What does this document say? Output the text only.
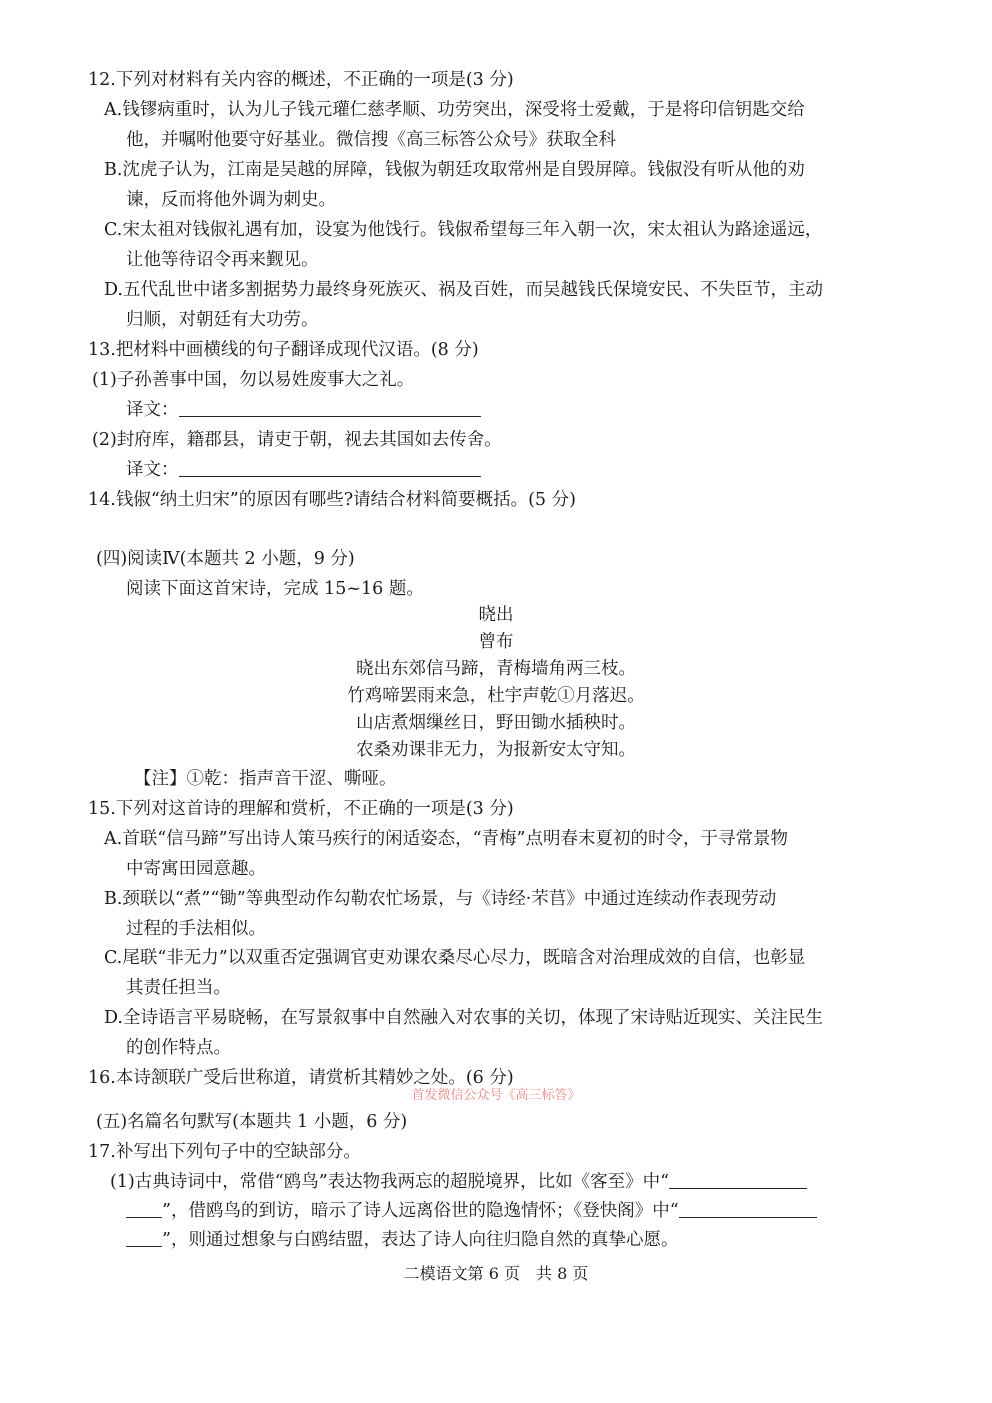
12.下列对材料有关内容的概述，不正确的一项是(3 分)
A.钱镠病重时，认为儿子钱元瓘仁慈孝顺、功劳突出，深受将士爱戴，于是将印信钥匙交给
他，并嘱咐他要守好基业。微信搜《高三标答公众号》获取全科
B.沈虎子认为，江南是吴越的屏障，钱俶为朝廷攻取常州是自毁屏障。钱俶没有听从他的劝
谏，反而将他外调为刺史。
C.宋太祖对钱俶礼遇有加，设宴为他饯行。钱俶希望每三年入朝一次，宋太祖认为路途遥远，
让他等待诏令再来觐见。
D.五代乱世中诸多割据势力最终身死族灭、祸及百姓，而吴越钱氏保境安民、不失臣节，主动
归顺，对朝廷有大功劳。
13.把材料中画横线的句子翻译成现代汉语。(8 分)
(1)子孙善事中国，勿以易姓废事大之礼。
译文：
(2)封府库，籍郡县，请吏于朝，视去其国如去传舍。
译文：
14.钱俶“纳土归宋”的原因有哪些?请结合材料简要概括。(5 分)
(四)阅读Ⅳ(本题共 2 小题，9 分)
阅读下面这首宋诗，完成 15~16 题。
晓出
曾布
晓出东郊信马蹄，青梅墙角两三枝。
竹鸡啼罢雨来急，杜宇声乾①月落迟。
山店煮烟缫丝日，野田锄水插秧时。
农桑劝课非无力，为报新安太守知。
【注】①乾：指声音干涩、嘶哑。
15.下列对这首诗的理解和赏析，不正确的一项是(3 分)
A.首联“信马蹄”写出诗人策马疾行的闲适姿态，“青梅”点明春末夏初的时令，于寻常景物
中寄寓田园意趣。
B.颈联以“煮”“锄”等典型动作勾勒农忙场景，与《诗经·芣苢》中通过连续动作表现劳动
过程的手法相似。
C.尾联“非无力”以双重否定强调官吏劝课农桑尽心尽力，既暗含对治理成效的自信，也彰显
其责任担当。
D.全诗语言平易晓畅，在写景叙事中自然融入对农事的关切，体现了宋诗贴近现实、关注民生
的创作特点。
16.本诗颔联广受后世称道，请赏析其精妙之处。(6 分)
首发微信公众号《高三标答》
(五)名篇名句默写(本题共 1 小题，6 分)
17.补写出下列句子中的空缺部分。
(1)古典诗词中，常借“鸥鸟”表达物我两忘的超脱境界，比如《客至》中“
”，借鸥鸟的到访，暗示了诗人远离俗世的隐逸情怀；《登快阁》中“
”，则通过想象与白鸥结盟，表达了诗人向往归隐自然的真挚心愿。
二模语文第 6 页　共 8 页
